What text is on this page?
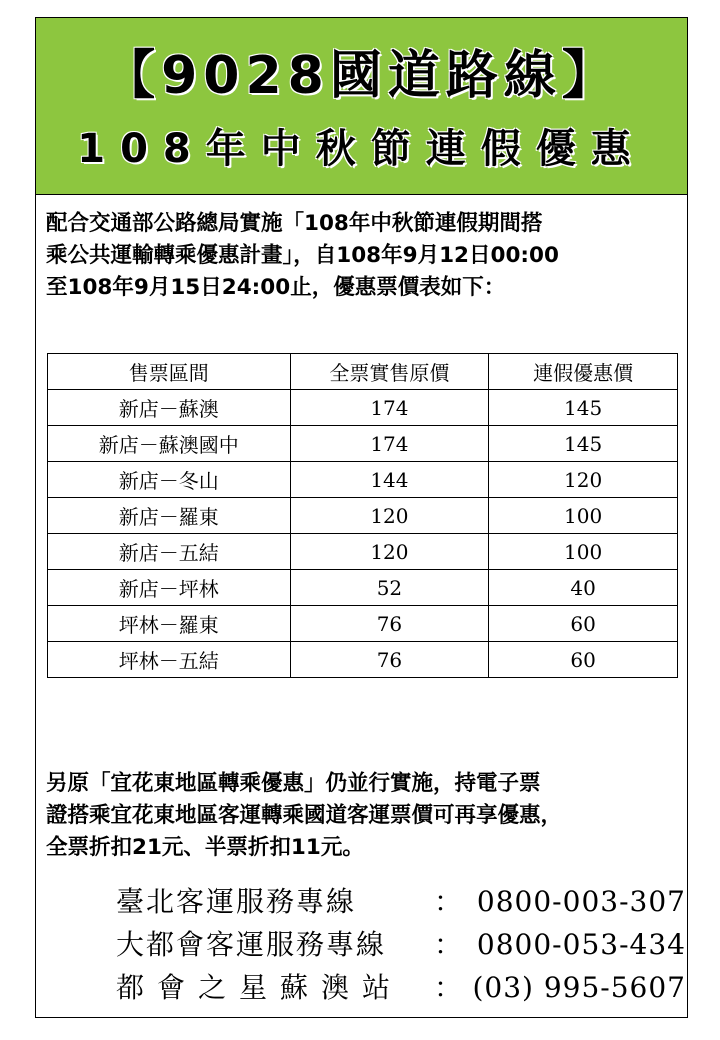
【9028國道路線】
108年中秋節連假優惠
配合交通部公路總局實施「108年中秋節連假期間搭
乘公共運輸轉乘優惠計畫」，自108年9月12日00:00
至108年9月15日24:00止，優惠票價表如下：
售票區間	全票實售原價	連假優惠價
新店－蘇澳	174	145
新店－蘇澳國中	174	145
新店－冬山	144	120
新店－羅東	120	100
新店－五結	120	100
新店－坪林	52	40
坪林－羅東	76	60
坪林－五結	76	60
另原「宜花東地區轉乘優惠」仍並行實施，持電子票
證搭乘宜花東地區客運轉乘國道客運票價可再享優惠，
全票折扣21元、半票折扣11元。
臺北客運服務專線	： 0800-003-307
大都會客運服務專線 ： 0800-053-434
都會之星蘇澳站 ： (03) 995-5607
